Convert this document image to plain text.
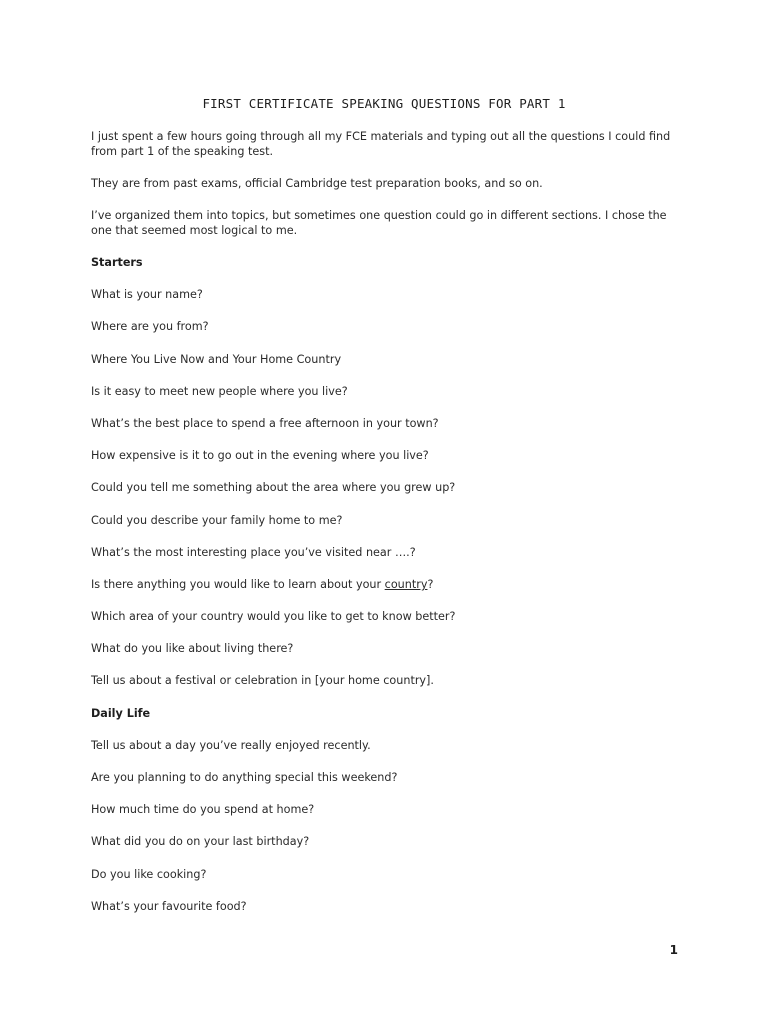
FIRST CERTIFICATE SPEAKING QUESTIONS FOR PART 1

I just spent a few hours going through all my FCE materials and typing out all the questions I could find from part 1 of the speaking test.

They are from past exams, official Cambridge test preparation books, and so on.

I’ve organized them into topics, but sometimes one question could go in different sections. I chose the one that seemed most logical to me.

Starters
What is your name?
Where are you from?
Where You Live Now and Your Home Country
Is it easy to meet new people where you live?
What’s the best place to spend a free afternoon in your town?
How expensive is it to go out in the evening where you live?
Could you tell me something about the area where you grew up?
Could you describe your family home to me?
What’s the most interesting place you’ve visited near ….?
Is there anything you would like to learn about your country?
Which area of your country would you like to get to know better?
What do you like about living there?
Tell us about a festival or celebration in [your home country].
Daily Life
Tell us about a day you’ve really enjoyed recently.
Are you planning to do anything special this weekend?
How much time do you spend at home?
What did you do on your last birthday?
Do you like cooking?
What’s your favourite food?
1
